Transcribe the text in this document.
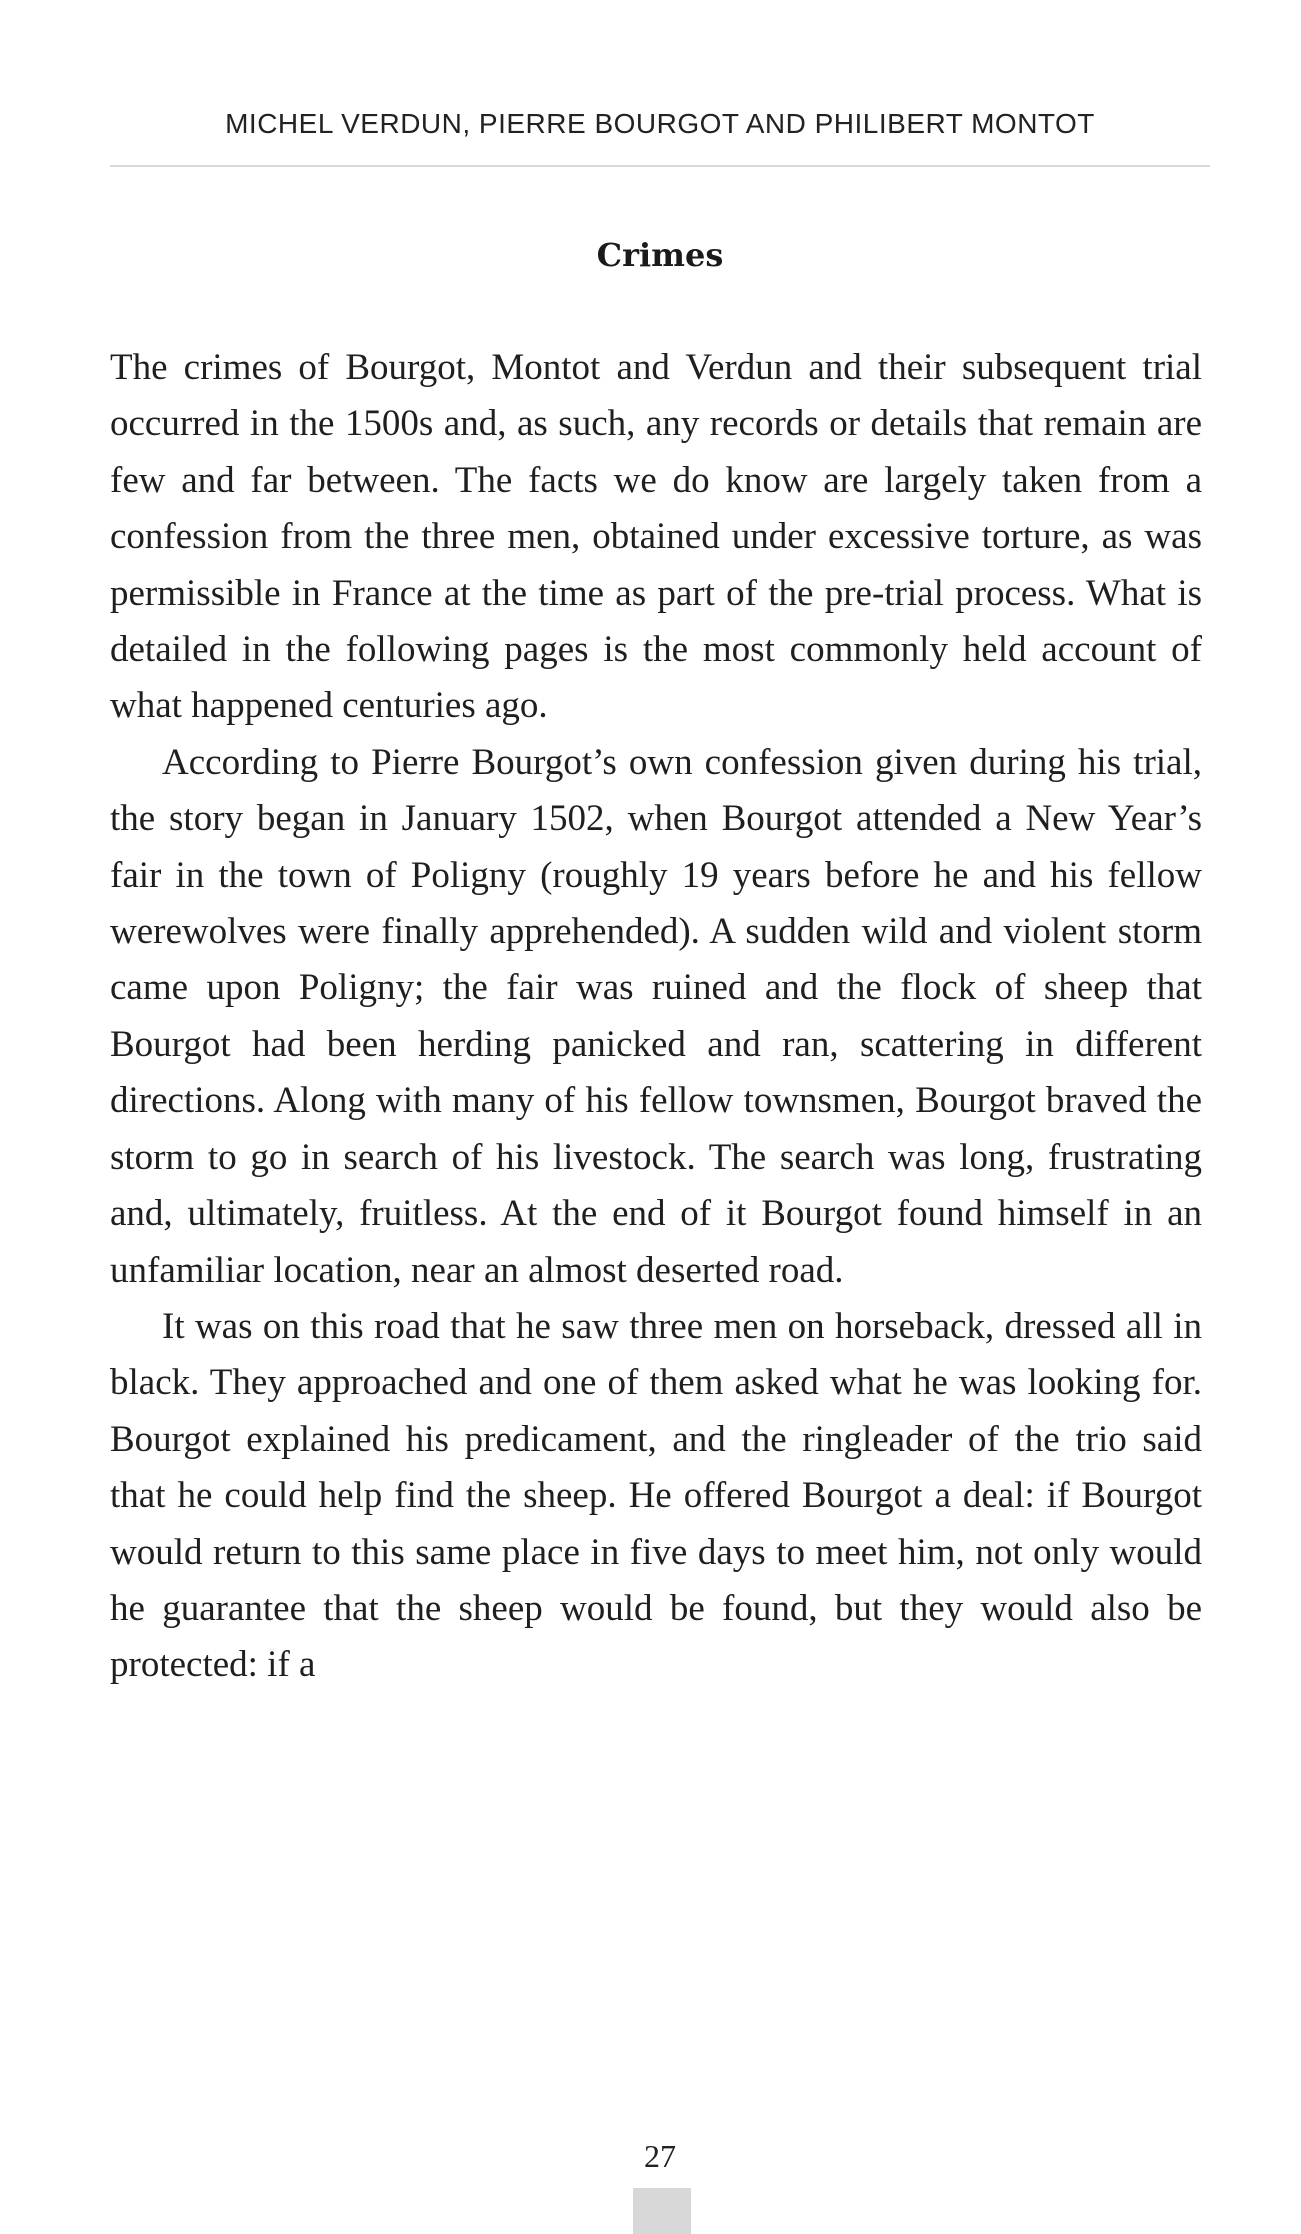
MICHEL VERDUN, PIERRE BOURGOT AND PHILIBERT MONTOT
Crimes

The crimes of Bourgot, Montot and Verdun and their subsequent trial occurred in the 1500s and, as such, any records or details that remain are few and far between. The facts we do know are largely taken from a confession from the three men, obtained under excessive torture, as was permissible in France at the time as part of the pre-trial process. What is detailed in the following pages is the most commonly held account of what happened centuries ago.

According to Pierre Bourgot’s own confession given during his trial, the story began in January 1502, when Bourgot attended a New Year’s fair in the town of Poligny (roughly 19 years before he and his fellow werewolves were finally apprehended). A sudden wild and violent storm came upon Poligny; the fair was ruined and the flock of sheep that Bourgot had been herding panicked and ran, scattering in different directions. Along with many of his fellow townsmen, Bourgot braved the storm to go in search of his livestock. The search was long, frustrating and, ultimately, fruitless. At the end of it Bourgot found himself in an unfamiliar location, near an almost deserted road.

It was on this road that he saw three men on horseback, dressed all in black. They approached and one of them asked what he was looking for. Bourgot explained his predicament, and the ringleader of the trio said that he could help find the sheep. He offered Bourgot a deal: if Bourgot would return to this same place in five days to meet him, not only would he guarantee that the sheep would be found, but they would also be protected: if a

27
